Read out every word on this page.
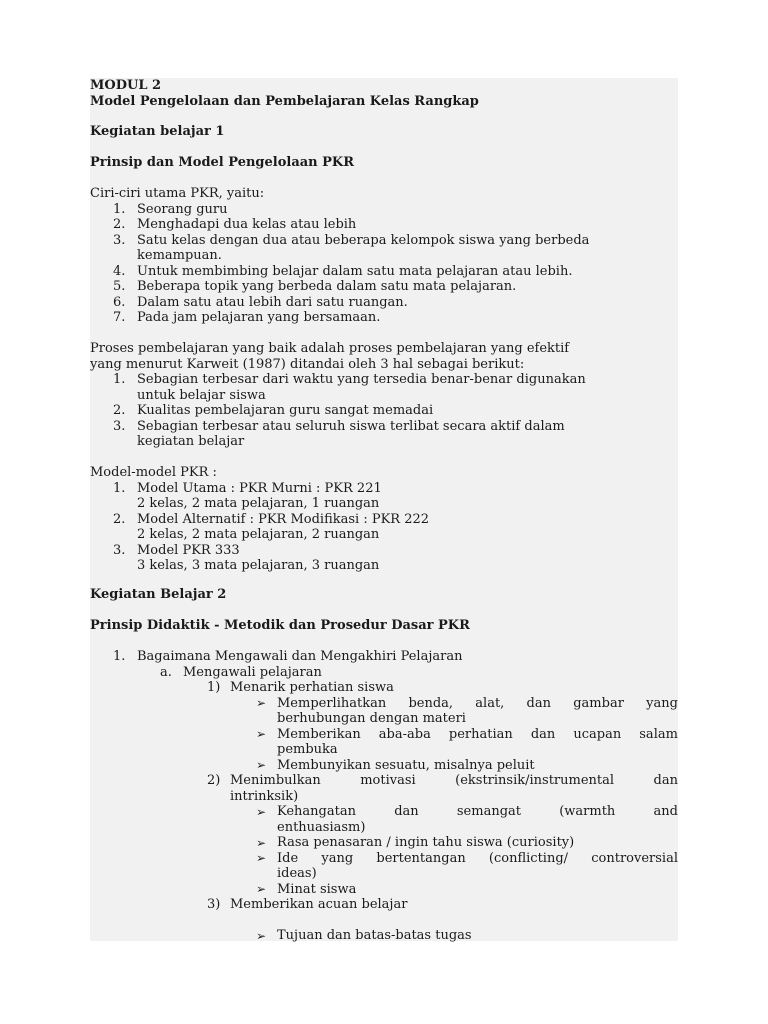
MODUL 2
Model Pengelolaan dan Pembelajaran Kelas Rangkap
Kegiatan belajar 1
Prinsip dan Model Pengelolaan PKR
Ciri-ciri utama PKR, yaitu:
1. Seorang guru
2. Menghadapi dua kelas atau lebih
3. Satu kelas dengan dua atau beberapa kelompok siswa yang berbeda
kemampuan.
4. Untuk membimbing belajar dalam satu mata pelajaran atau lebih.
5. Beberapa topik yang berbeda dalam satu mata pelajaran.
6. Dalam satu atau lebih dari satu ruangan.
7. Pada jam pelajaran yang bersamaan.
Proses pembelajaran yang baik adalah proses pembelajaran yang efektif
yang menurut Karweit (1987) ditandai oleh 3 hal sebagai berikut:
1. Sebagian terbesar dari waktu yang tersedia benar-benar digunakan
untuk belajar siswa
2. Kualitas pembelajaran guru sangat memadai
3. Sebagian terbesar atau seluruh siswa terlibat secara aktif dalam
kegiatan belajar
Model-model PKR :
1. Model Utama : PKR Murni : PKR 221
2 kelas, 2 mata pelajaran, 1 ruangan
2. Model Alternatif : PKR Modifikasi : PKR 222
2 kelas, 2 mata pelajaran, 2 ruangan
3. Model PKR 333
3 kelas, 3 mata pelajaran, 3 ruangan
Kegiatan Belajar 2
Prinsip Didaktik - Metodik dan Prosedur Dasar PKR
1. Bagaimana Mengawali dan Mengakhiri Pelajaran
a. Mengawali pelajaran
1) Menarik perhatian siswa
➢ Memperlihatkan benda, alat, dan gambar yang
berhubungan dengan materi
➢ Memberikan aba-aba perhatian dan ucapan salam
pembuka
➢ Membunyikan sesuatu, misalnya peluit
2) Menimbulkan	motivasi	(ekstrinsik/instrumental	dan
intrinksik)
➢ Kehangatan	dan	semangat	(warmth	and
enthuasiasm)
➢ Rasa penasaran / ingin tahu siswa (curiosity)
➢ Ide yang bertentangan (conflicting/ controversial
ideas)
➢ Minat siswa
3) Memberikan acuan belajar
➢ Tujuan dan batas-batas tugas
